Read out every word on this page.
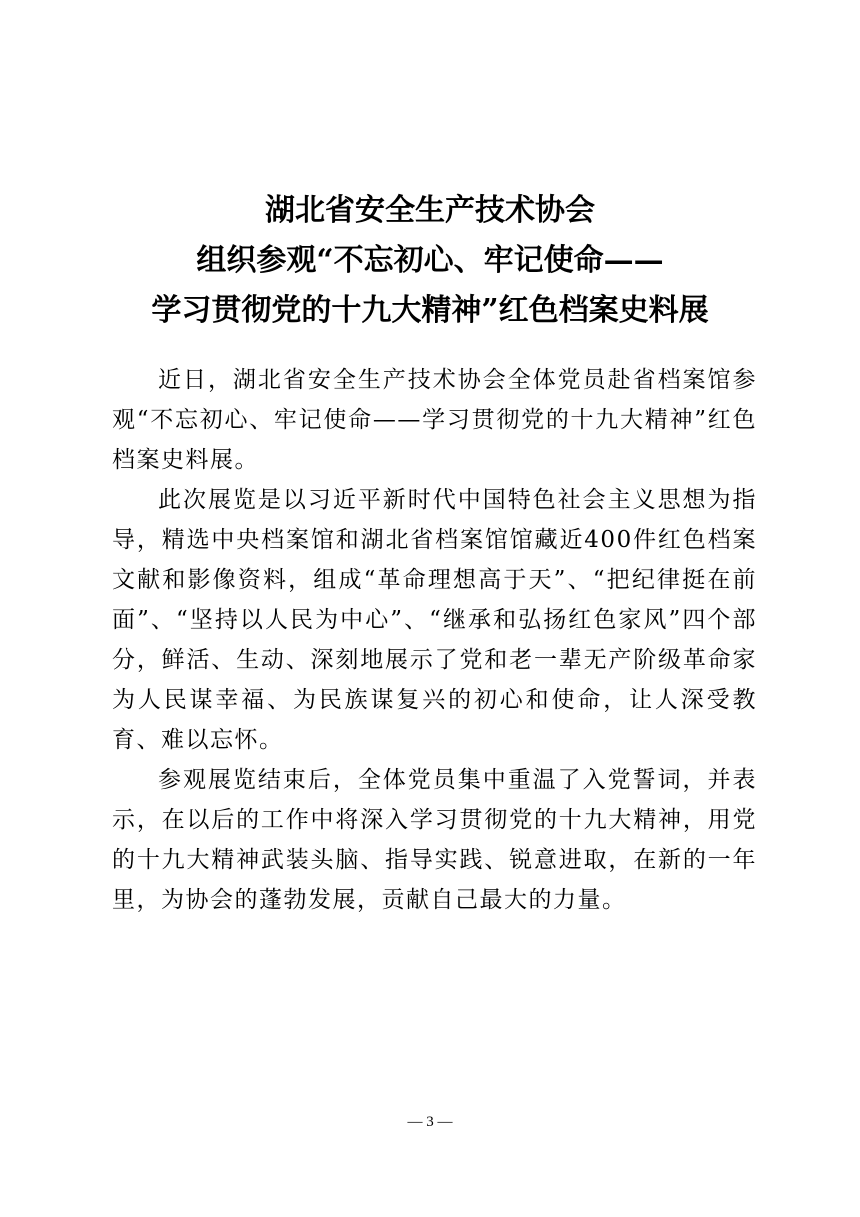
湖北省安全生产技术协会
组织参观“不忘初心、牢记使命——
学习贯彻党的十九大精神”红色档案史料展

近日，湖北省安全生产技术协会全体党员赴省档案馆参观“不忘初心、牢记使命——学习贯彻党的十九大精神”红色档案史料展。

此次展览是以习近平新时代中国特色社会主义思想为指导，精选中央档案馆和湖北省档案馆馆藏近400件红色档案文献和影像资料，组成“革命理想高于天”、“把纪律挺在前面”、“坚持以人民为中心”、“继承和弘扬红色家风”四个部分，鲜活、生动、深刻地展示了党和老一辈无产阶级革命家为人民谋幸福、为民族谋复兴的初心和使命，让人深受教育、难以忘怀。

参观展览结束后，全体党员集中重温了入党誓词，并表示，在以后的工作中将深入学习贯彻党的十九大精神，用党的十九大精神武装头脑、指导实践、锐意进取，在新的一年里，为协会的蓬勃发展，贡献自己最大的力量。

— 3 —
